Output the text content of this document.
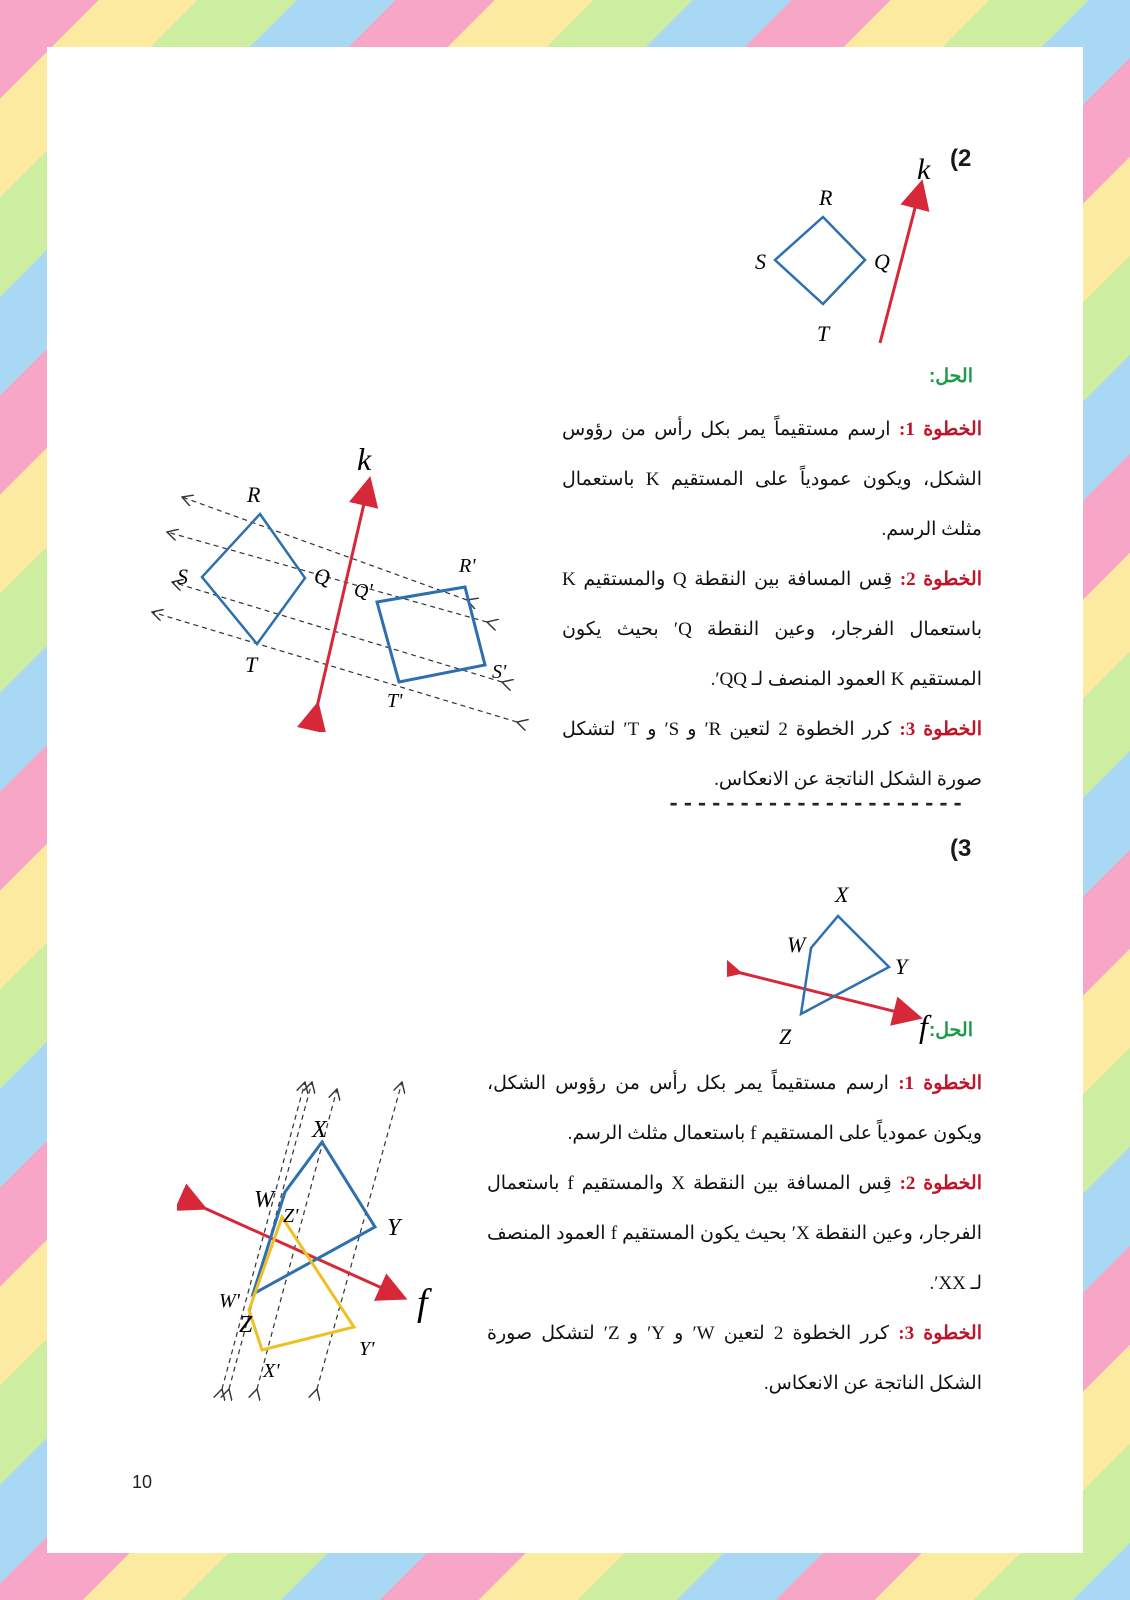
(2
R
S	Q
T
k
الحل:
R
S	Q
T
Q'
R'
S'
T'
k

الخطوة 1: ارسم مستقيماً يمر بكل رأس من رؤوس الشكل، ويكون عمودياً على المستقيم K باستعمال مثلث الرسم.

الخطوة 2: قِس المسافة بين النقطة Q والمستقيم K باستعمال الفرجار، وعين النقطة Q′ بحيث يكون المستقيم K العمود المنصف لـ QQ′.

الخطوة 3: كرر الخطوة 2 لتعين R′ و S′ و T′ لتشكل صورة الشكل الناتجة عن الانعكاس.

---------------------
(3
X
W
Y
Z	f الحل:
X
W
Y
Z
Z'
W'
Y'
X'
f

الخطوة 1: ارسم مستقيماً يمر بكل رأس من رؤوس الشكل، ويكون عمودياً على المستقيم f باستعمال مثلث الرسم.

الخطوة 2: قِس المسافة بين النقطة X والمستقيم f باستعمال الفرجار، وعين النقطة X′ بحيث يكون المستقيم f العمود المنصف لـ XX′.

الخطوة 3: كرر الخطوة 2 لتعين W′ و Y′ و Z′ لتشكل صورة الشكل الناتجة عن الانعكاس.

10
